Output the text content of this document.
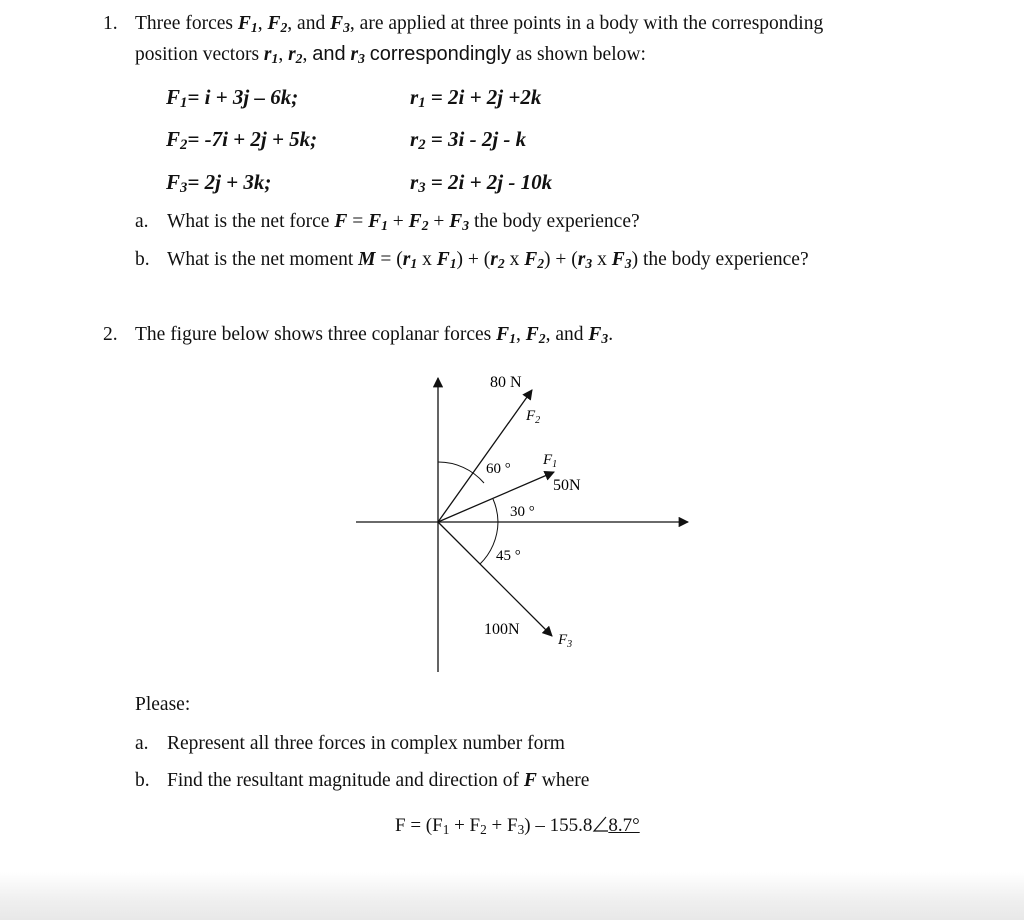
1. Three forces $F_1$, $F_2$, and $F_3$, are applied at three points in a body with the corresponding
position vectors $r_1$, $r_2$, and $r_3$ correspondingly as shown below:
$F_1= i + 3j - 6k$;	$r_1 = 2i + 2j +2k$
$F_2= -7i + 2j + 5k$;	$r_2 = 3i - 2j - k$
$F_3= 2j + 3k$;	$r_3 = 2i + 2j - 10k$
a. What is the net force $F = F_1 + F_2 + F_3$ the body experience?
b. What is the net moment $M = (r_1$ x $F_1) + (r_2$ x $F_2) + (r_3$ x $F_3$) the body experience?
2. The figure below shows three coplanar forces $F_1$, $F_2$, and $F_3$.
80 N
$F_2$
60 °
$F_1$
50N
30 °
45 °
100N
$F_3$
Please:
a. Represent all three forces in complex number form
b. Find the resultant magnitude and direction of F where
$F = (F_1 + F_2 + F_3) - 155.8$ 8.7°
